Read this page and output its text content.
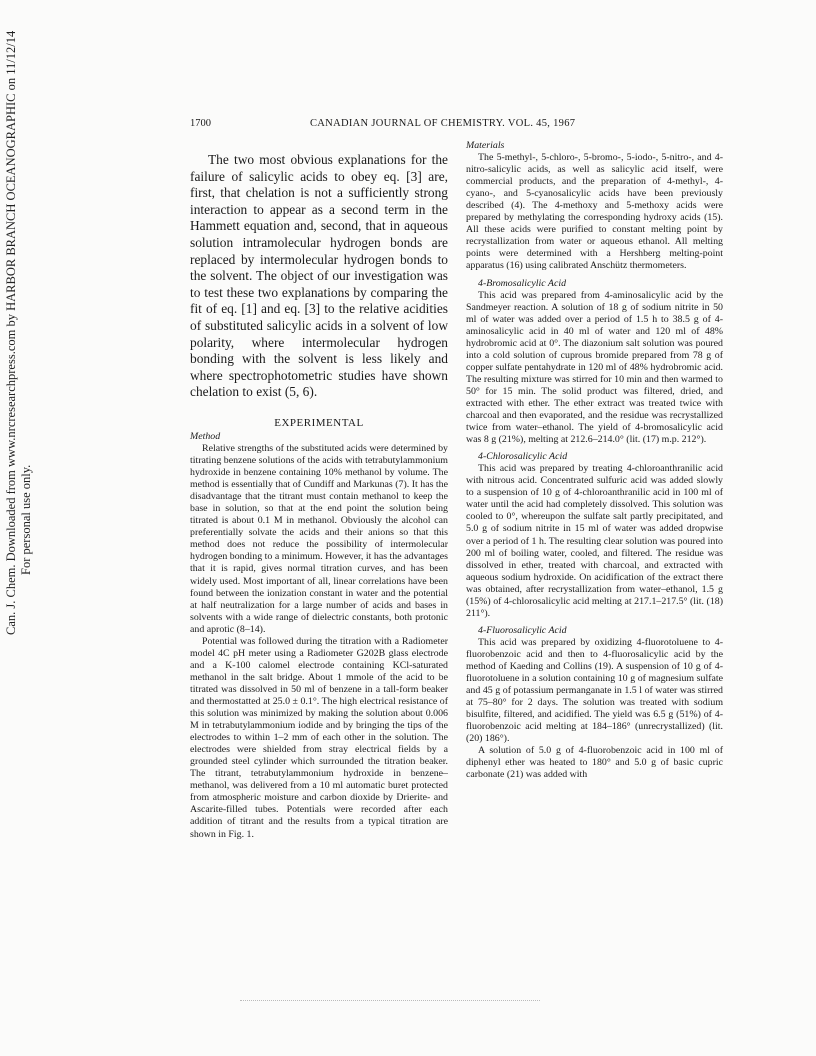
Can. J. Chem. Downloaded from www.nrcresearchpress.com by HARBOR BRANCH OCEANOGRAPHIC on 11/12/14 For personal use only.
1700	CANADIAN JOURNAL OF CHEMISTRY. VOL. 45, 1967

The two most obvious explanations for the failure of salicylic acids to obey eq. [3] are, first, that chelation is not a sufficiently strong interaction to appear as a second term in the Hammett equation and, second, that in aqueous solution intramolecular hydrogen bonds are replaced by intermolecular hydrogen bonds to the solvent. The object of our investigation was to test these two explanations by comparing the fit of eq. [1] and eq. [3] to the relative acidities of substituted salicylic acids in a solvent of low polarity, where intermolecular hydrogen bonding with the solvent is less likely and where spectrophotometric studies have shown chelation to exist (5, 6).

EXPERIMENTAL
Method

Relative strengths of the substituted acids were determined by titrating benzene solutions of the acids with tetrabutylammonium hydroxide in benzene containing 10% methanol by volume. The method is essentially that of Cundiff and Markunas (7). It has the disadvantage that the titrant must contain methanol to keep the base in solution, so that at the end point the solution being titrated is about 0.1 M in methanol. Obviously the alcohol can preferentially solvate the acids and their anions so that this method does not reduce the possibility of intermolecular hydrogen bonding to a minimum. However, it has the advantages that it is rapid, gives normal titration curves, and has been widely used. Most important of all, linear correlations have been found between the ionization constant in water and the potential at half neutralization for a large number of acids and bases in solvents with a wide range of dielectric constants, both protonic and aprotic (8–14).

Potential was followed during the titration with a Radiometer model 4C pH meter using a Radiometer G202B glass electrode and a K-100 calomel electrode containing KCl-saturated methanol in the salt bridge. About 1 mmole of the acid to be titrated was dissolved in 50 ml of benzene in a tall-form beaker and thermostatted at 25.0 ± 0.1°. The high electrical resistance of this solution was minimized by making the solution about 0.006 M in tetrabutylammonium iodide and by bringing the tips of the electrodes to within 1–2 mm of each other in the solution. The electrodes were shielded from stray electrical fields by a grounded steel cylinder which surrounded the titration beaker. The titrant, tetrabutylammonium hydroxide in benzene–methanol, was delivered from a 10 ml automatic buret protected from atmospheric moisture and carbon dioxide by Drierite- and Ascarite-filled tubes. Potentials were recorded after each addition of titrant and the results from a typical titration are shown in Fig. 1.

Materials

The 5-methyl-, 5-chloro-, 5-bromo-, 5-iodo-, 5-nitro-, and 4-nitro-salicylic acids, as well as salicylic acid itself, were commercial products, and the preparation of 4-methyl-, 4-cyano-, and 5-cyanosalicylic acids have been previously described (4). The 4-methoxy and 5-methoxy acids were prepared by methylating the corresponding hydroxy acids (15). All these acids were purified to constant melting point by recrystallization from water or aqueous ethanol. All melting points were determined with a Hershberg melting-point apparatus (16) using calibrated Anschütz thermometers.

4-Bromosalicylic Acid

This acid was prepared from 4-aminosalicylic acid by the Sandmeyer reaction. A solution of 18 g of sodium nitrite in 50 ml of water was added over a period of 1.5 h to 38.5 g of 4-aminosalicylic acid in 40 ml of water and 120 ml of 48% hydrobromic acid at 0°. The diazonium salt solution was poured into a cold solution of cuprous bromide prepared from 78 g of copper sulfate pentahydrate in 120 ml of 48% hydrobromic acid. The resulting mixture was stirred for 10 min and then warmed to 50° for 15 min. The solid product was filtered, dried, and extracted with ether. The ether extract was treated twice with charcoal and then evaporated, and the residue was recrystallized twice from water–ethanol. The yield of 4-bromosalicylic acid was 8 g (21%), melting at 212.6–214.0° (lit. (17) m.p. 212°).

4-Chlorosalicylic Acid

This acid was prepared by treating 4-chloroanthranilic acid with nitrous acid. Concentrated sulfuric acid was added slowly to a suspension of 10 g of 4-chloroanthranilic acid in 100 ml of water until the acid had completely dissolved. This solution was cooled to 0°, whereupon the sulfate salt partly precipitated, and 5.0 g of sodium nitrite in 15 ml of water was added dropwise over a period of 1 h. The resulting clear solution was poured into 200 ml of boiling water, cooled, and filtered. The residue was dissolved in ether, treated with charcoal, and extracted with aqueous sodium hydroxide. On acidification of the extract there was obtained, after recrystallization from water–ethanol, 1.5 g (15%) of 4-chlorosalicylic acid melting at 217.1–217.5° (lit. (18) 211°).

4-Fluorosalicylic Acid

This acid was prepared by oxidizing 4-fluorotoluene to 4-fluorobenzoic acid and then to 4-fluorosalicylic acid by the method of Kaeding and Collins (19). A suspension of 10 g of 4-fluorotoluene in a solution containing 10 g of magnesium sulfate and 45 g of potassium permanganate in 1.5 l of water was stirred at 75–80° for 2 days. The solution was treated with sodium bisulfite, filtered, and acidified. The yield was 6.5 g (51%) of 4-fluorobenzoic acid melting at 184–186° (unrecrystallized) (lit. (20) 186°).

A solution of 5.0 g of 4-fluorobenzoic acid in 100 ml of diphenyl ether was heated to 180° and 5.0 g of basic cupric carbonate (21) was added with
